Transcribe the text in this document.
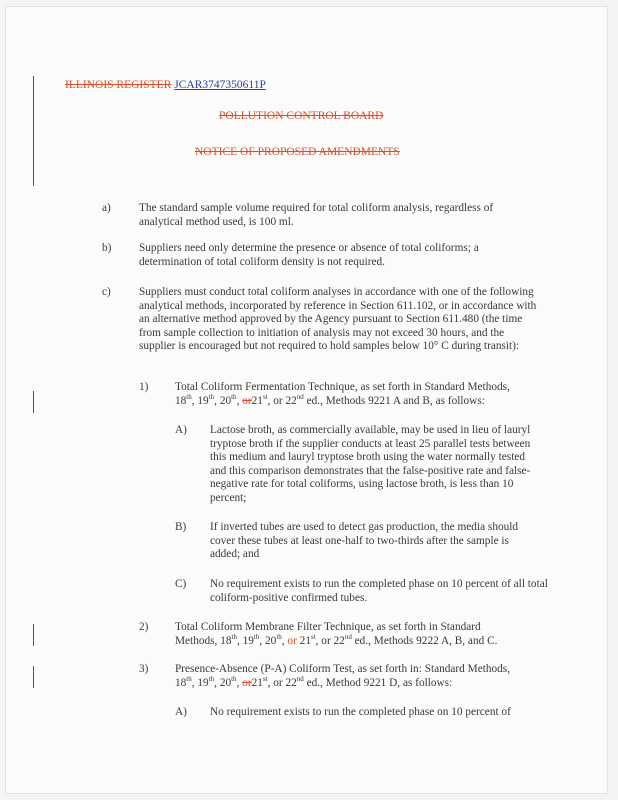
ILLINOIS REGISTER JCAR3747350611P
POLLUTION CONTROL BOARD
NOTICE OF PROPOSED AMENDMENTS
a) The standard sample volume required for total coliform analysis, regardless of analytical method used, is 100 ml.
b) Suppliers need only determine the presence or absence of total coliforms; a determination of total coliform density is not required.
c) Suppliers must conduct total coliform analyses in accordance with one of the following analytical methods, incorporated by reference in Section 611.102, or in accordance with an alternative method approved by the Agency pursuant to Section 611.480 (the time from sample collection to initiation of analysis may not exceed 30 hours, and the supplier is encouraged but not required to hold samples below 10° C during transit):
1) Total Coliform Fermentation Technique, as set forth in Standard Methods,
18th, 19th, 20th, or21st, or 22nd ed., Methods 9221 A and B, as follows:
A) Lactose broth, as commercially available, may be used in lieu of lauryl tryptose broth if the supplier conducts at least 25 parallel tests between this medium and lauryl tryptose broth using the water normally tested and this comparison demonstrates that the false-positive rate and false-negative rate for total coliforms, using lactose broth, is less than 10 percent;
B) If inverted tubes are used to detect gas production, the media should cover these tubes at least one-half to two-thirds after the sample is added; and
C) No requirement exists to run the completed phase on 10 percent of all total coliform-positive confirmed tubes.
2) Total Coliform Membrane Filter Technique, as set forth in Standard
Methods, 18th, 19th, 20th, or 21st, or 22nd ed., Methods 9222 A, B, and C.
3) Presence-Absence (P-A) Coliform Test, as set forth in: Standard Methods,
18th, 19th, 20th, or21st, or 22nd ed., Method 9221 D, as follows:
A) No requirement exists to run the completed phase on 10 percent of
